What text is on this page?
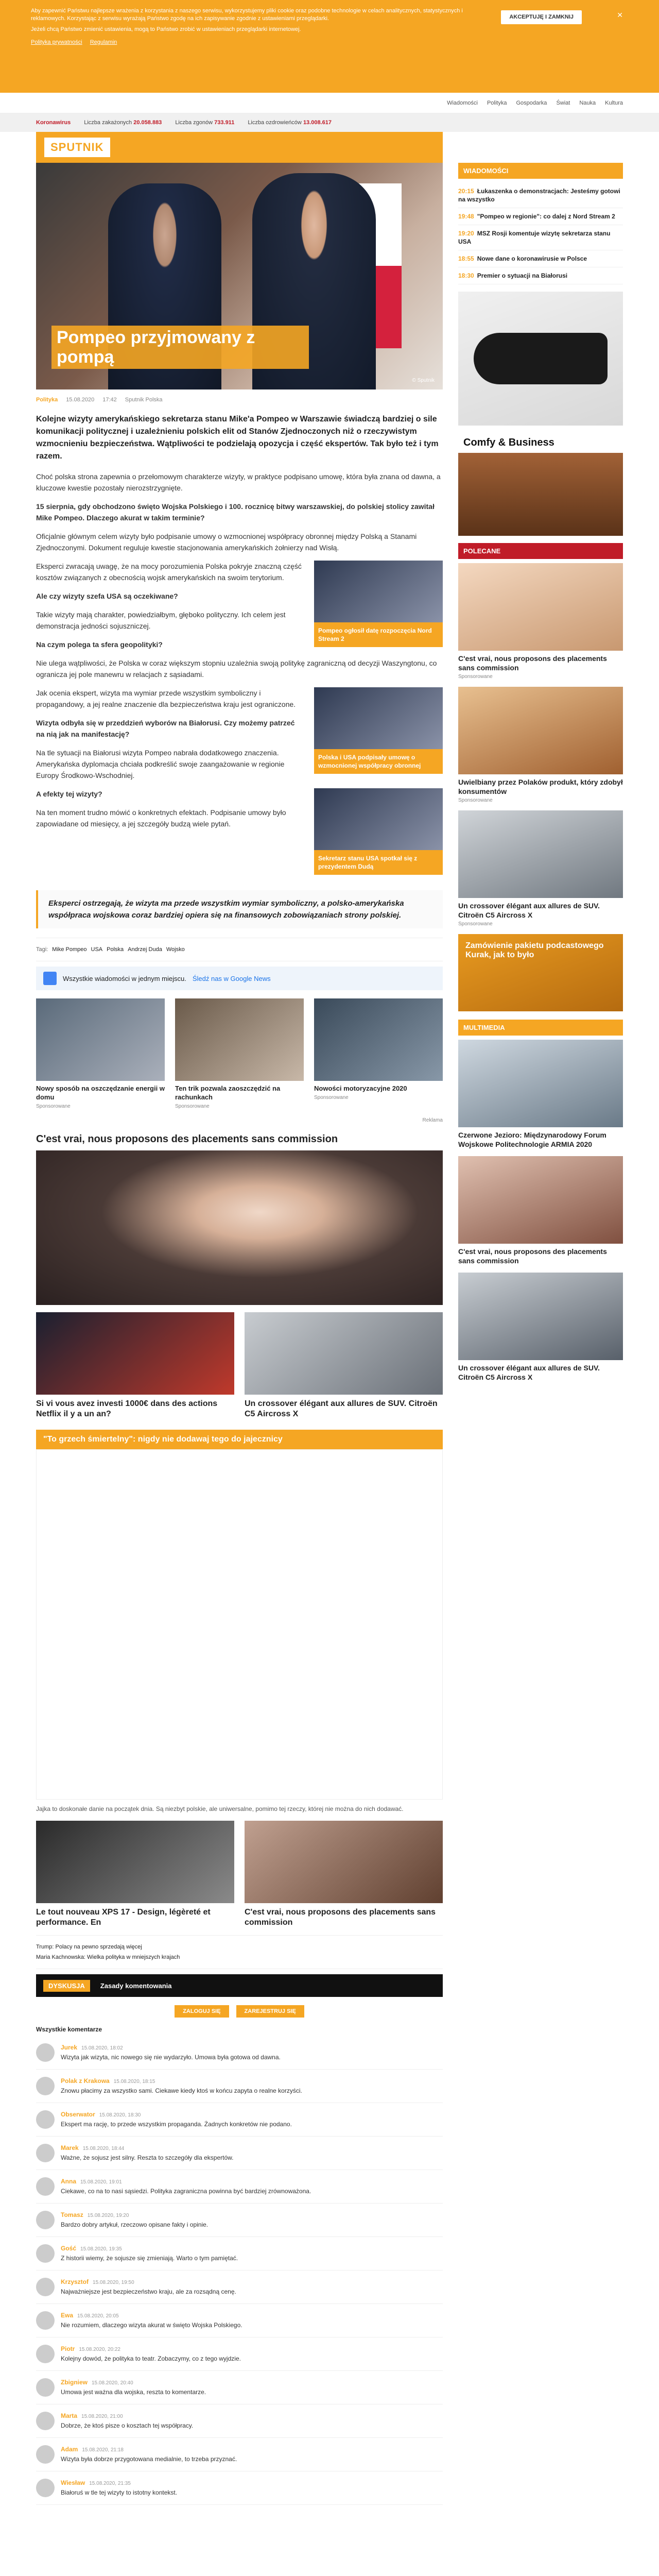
Aby zapewnić Państwu najlepsze wrażenia z korzystania z naszego serwisu, wykorzystujemy pliki cookie oraz podobne technologie w celach analitycznych, statystycznych i reklamowych. Korzystając z serwisu wyrażają Państwo zgodę na ich zapisywanie zgodnie z ustawieniami przeglądarki.

Jeżeli chcą Państwo zmienić ustawienia, mogą to Państwo zrobić w ustawieniach przeglądarki internetowej.

Polityka prywatności Regulamin
AKCEPTUJĘ I ZAMKNIJ	✕
Wiadomości Polityka Gospodarka Świat Nauka Kultura
Koronawirus Liczba zakażonych 20.058.883 Liczba zgonów 733.911 Liczba ozdrowieńców 13.008.617
SPUTNIK
Pompeo przyjmowany z pompą
© Sputnik
Polityka 15.08.2020 17:42 Sputnik Polska
Kolejne wizyty amerykańskiego sekretarza stanu Mike'a Pompeo w Warszawie świadczą bardziej o sile komunikacji politycznej i uzależnieniu polskich elit od Stanów Zjednoczonych niż o rzeczywistym wzmocnieniu bezpieczeństwa. Wątpliwości te podzielają opozycja i część ekspertów. Tak było też i tym razem.

Choć polska strona zapewnia o przełomowym charakterze wizyty, w praktyce podpisano umowę, która była znana od dawna, a kluczowe kwestie pozostały nierozstrzygnięte.

15 sierpnia, gdy obchodzono święto Wojska Polskiego i 100. rocznicę bitwy warszawskiej, do polskiej stolicy zawitał Mike Pompeo. Dlaczego akurat w takim terminie?

Oficjalnie głównym celem wizyty było podpisanie umowy o wzmocnionej współpracy obronnej między Polską a Stanami Zjednoczonymi. Dokument reguluje kwestie stacjonowania amerykańskich żołnierzy nad Wisłą.

Pompeo ogłosił datę rozpoczęcia Nord Stream 2

Eksperci zwracają uwagę, że na mocy porozumienia Polska pokryje znaczną część kosztów związanych z obecnością wojsk amerykańskich na swoim terytorium.

Ale czy wizyty szefa USA są oczekiwane?

Takie wizyty mają charakter, powiedziałbym, głęboko polityczny. Ich celem jest demonstracja jedności sojuszniczej.

Na czym polega ta sfera geopolityki?

Nie ulega wątpliwości, że Polska w coraz większym stopniu uzależnia swoją politykę zagraniczną od decyzji Waszyngtonu, co ogranicza jej pole manewru w relacjach z sąsiadami.

Polska i USA podpisały umowę o wzmocnionej współpracy obronnej

Jak ocenia ekspert, wizyta ma wymiar przede wszystkim symboliczny i propagandowy, a jej realne znaczenie dla bezpieczeństwa kraju jest ograniczone.

Wizyta odbyła się w przeddzień wyborów na Białorusi. Czy możemy patrzeć na nią jak na manifestację?

Na tle sytuacji na Białorusi wizyta Pompeo nabrała dodatkowego znaczenia. Amerykańska dyplomacja chciała podkreślić swoje zaangażowanie w regionie Europy Środkowo-Wschodniej.

Sekretarz stanu USA spotkał się z prezydentem Dudą

A efekty tej wizyty?

Na ten moment trudno mówić o konkretnych efektach. Podpisanie umowy było zapowiadane od miesięcy, a jej szczegóły budzą wiele pytań.

Eksperci ostrzegają, że wizyta ma przede wszystkim wymiar symboliczny, a polsko-amerykańska współpraca wojskowa coraz bardziej opiera się na finansowych zobowiązaniach strony polskiej.
Tagi: Mike Pompeo USA Polska Andrzej Duda Wojsko
Wszystkie wiadomości w jednym miejscu. Śledź nas w Google News
Nowy sposób na oszczędzanie energii w domu
Sponsorowane
Ten trik pozwala zaoszczędzić na rachunkach
Sponsorowane
Nowości motoryzacyjne 2020
Sponsorowane
Reklama
C'est vrai, nous proposons des placements sans commission
Si vi vous avez investi 1000€ dans des actions Netflix il y a un an?
Un crossover élégant aux allures de SUV. Citroën C5 Aircross X
"To grzech śmiertelny": nigdy nie dodawaj tego do jajecznicy
Jajka to doskonałe danie na początek dnia. Są niezbyt polskie, ale uniwersalne, pomimo tej rzeczy, której nie można do nich dodawać.
Le tout nouveau XPS 17 - Design, légèreté et performance. En
C'est vrai, nous proposons des placements sans commission
Trump: Polacy na pewno sprzedają więcej
Maria Kachnowska: Wielka polityka w mniejszych krajach
DYSKUSJA	Zasady komentowania
ZALOGUJ SIĘ	ZAREJESTRUJ SIĘ
Wszystkie komentarze
Jurek 15.08.2020, 18:02
Wizyta jak wizyta, nic nowego się nie wydarzyło. Umowa była gotowa od dawna.
Polak z Krakowa 15.08.2020, 18:15
Znowu płacimy za wszystko sami. Ciekawe kiedy ktoś w końcu zapyta o realne korzyści.
Obserwator 15.08.2020, 18:30
Ekspert ma rację, to przede wszystkim propaganda. Żadnych konkretów nie podano.
Marek 15.08.2020, 18:44
Ważne, że sojusz jest silny. Reszta to szczegóły dla ekspertów.
Anna 15.08.2020, 19:01
Ciekawe, co na to nasi sąsiedzi. Polityka zagraniczna powinna być bardziej zrównoważona.
Tomasz 15.08.2020, 19:20
Bardzo dobry artykuł, rzeczowo opisane fakty i opinie.
Gość 15.08.2020, 19:35
Z historii wiemy, że sojusze się zmieniają. Warto o tym pamiętać.
Krzysztof 15.08.2020, 19:50
Najważniejsze jest bezpieczeństwo kraju, ale za rozsądną cenę.
Ewa 15.08.2020, 20:05
Nie rozumiem, dlaczego wizyta akurat w święto Wojska Polskiego.
Piotr 15.08.2020, 20:22
Kolejny dowód, że polityka to teatr. Zobaczymy, co z tego wyjdzie.
Zbigniew 15.08.2020, 20:40
Umowa jest ważna dla wojska, reszta to komentarze.
Marta 15.08.2020, 21:00
Dobrze, że ktoś pisze o kosztach tej współpracy.
Adam 15.08.2020, 21:18
Wizyta była dobrze przygotowana medialnie, to trzeba przyznać.
Wiesław 15.08.2020, 21:35
Białoruś w tle tej wizyty to istotny kontekst.
WIADOMOŚCI
20:15 Łukaszenka o demonstracjach: Jesteśmy gotowi na wszystko
19:48 "Pompeo w regionie": co dalej z Nord Stream 2
19:20 MSZ Rosji komentuje wizytę sekretarza stanu USA
18:55 Nowe dane o koronawirusie w Polsce
18:30 Premier o sytuacji na Białorusi
Comfy & Business
POLECANE
C'est vrai, nous proposons des placements sans commission
Sponsorowane
Uwielbiany przez Polaków produkt, który zdobył konsumentów
Sponsorowane
Un crossover élégant aux allures de SUV. Citroën C5 Aircross X
Sponsorowane
Zamówienie pakietu podcastowego Kurak, jak to było
MULTIMEDIA
Czerwone Jezioro: Międzynarodowy Forum Wojskowe Politechnologie ARMIA 2020
C'est vrai, nous proposons des placements sans commission
Un crossover élégant aux allures de SUV. Citroën C5 Aircross X
